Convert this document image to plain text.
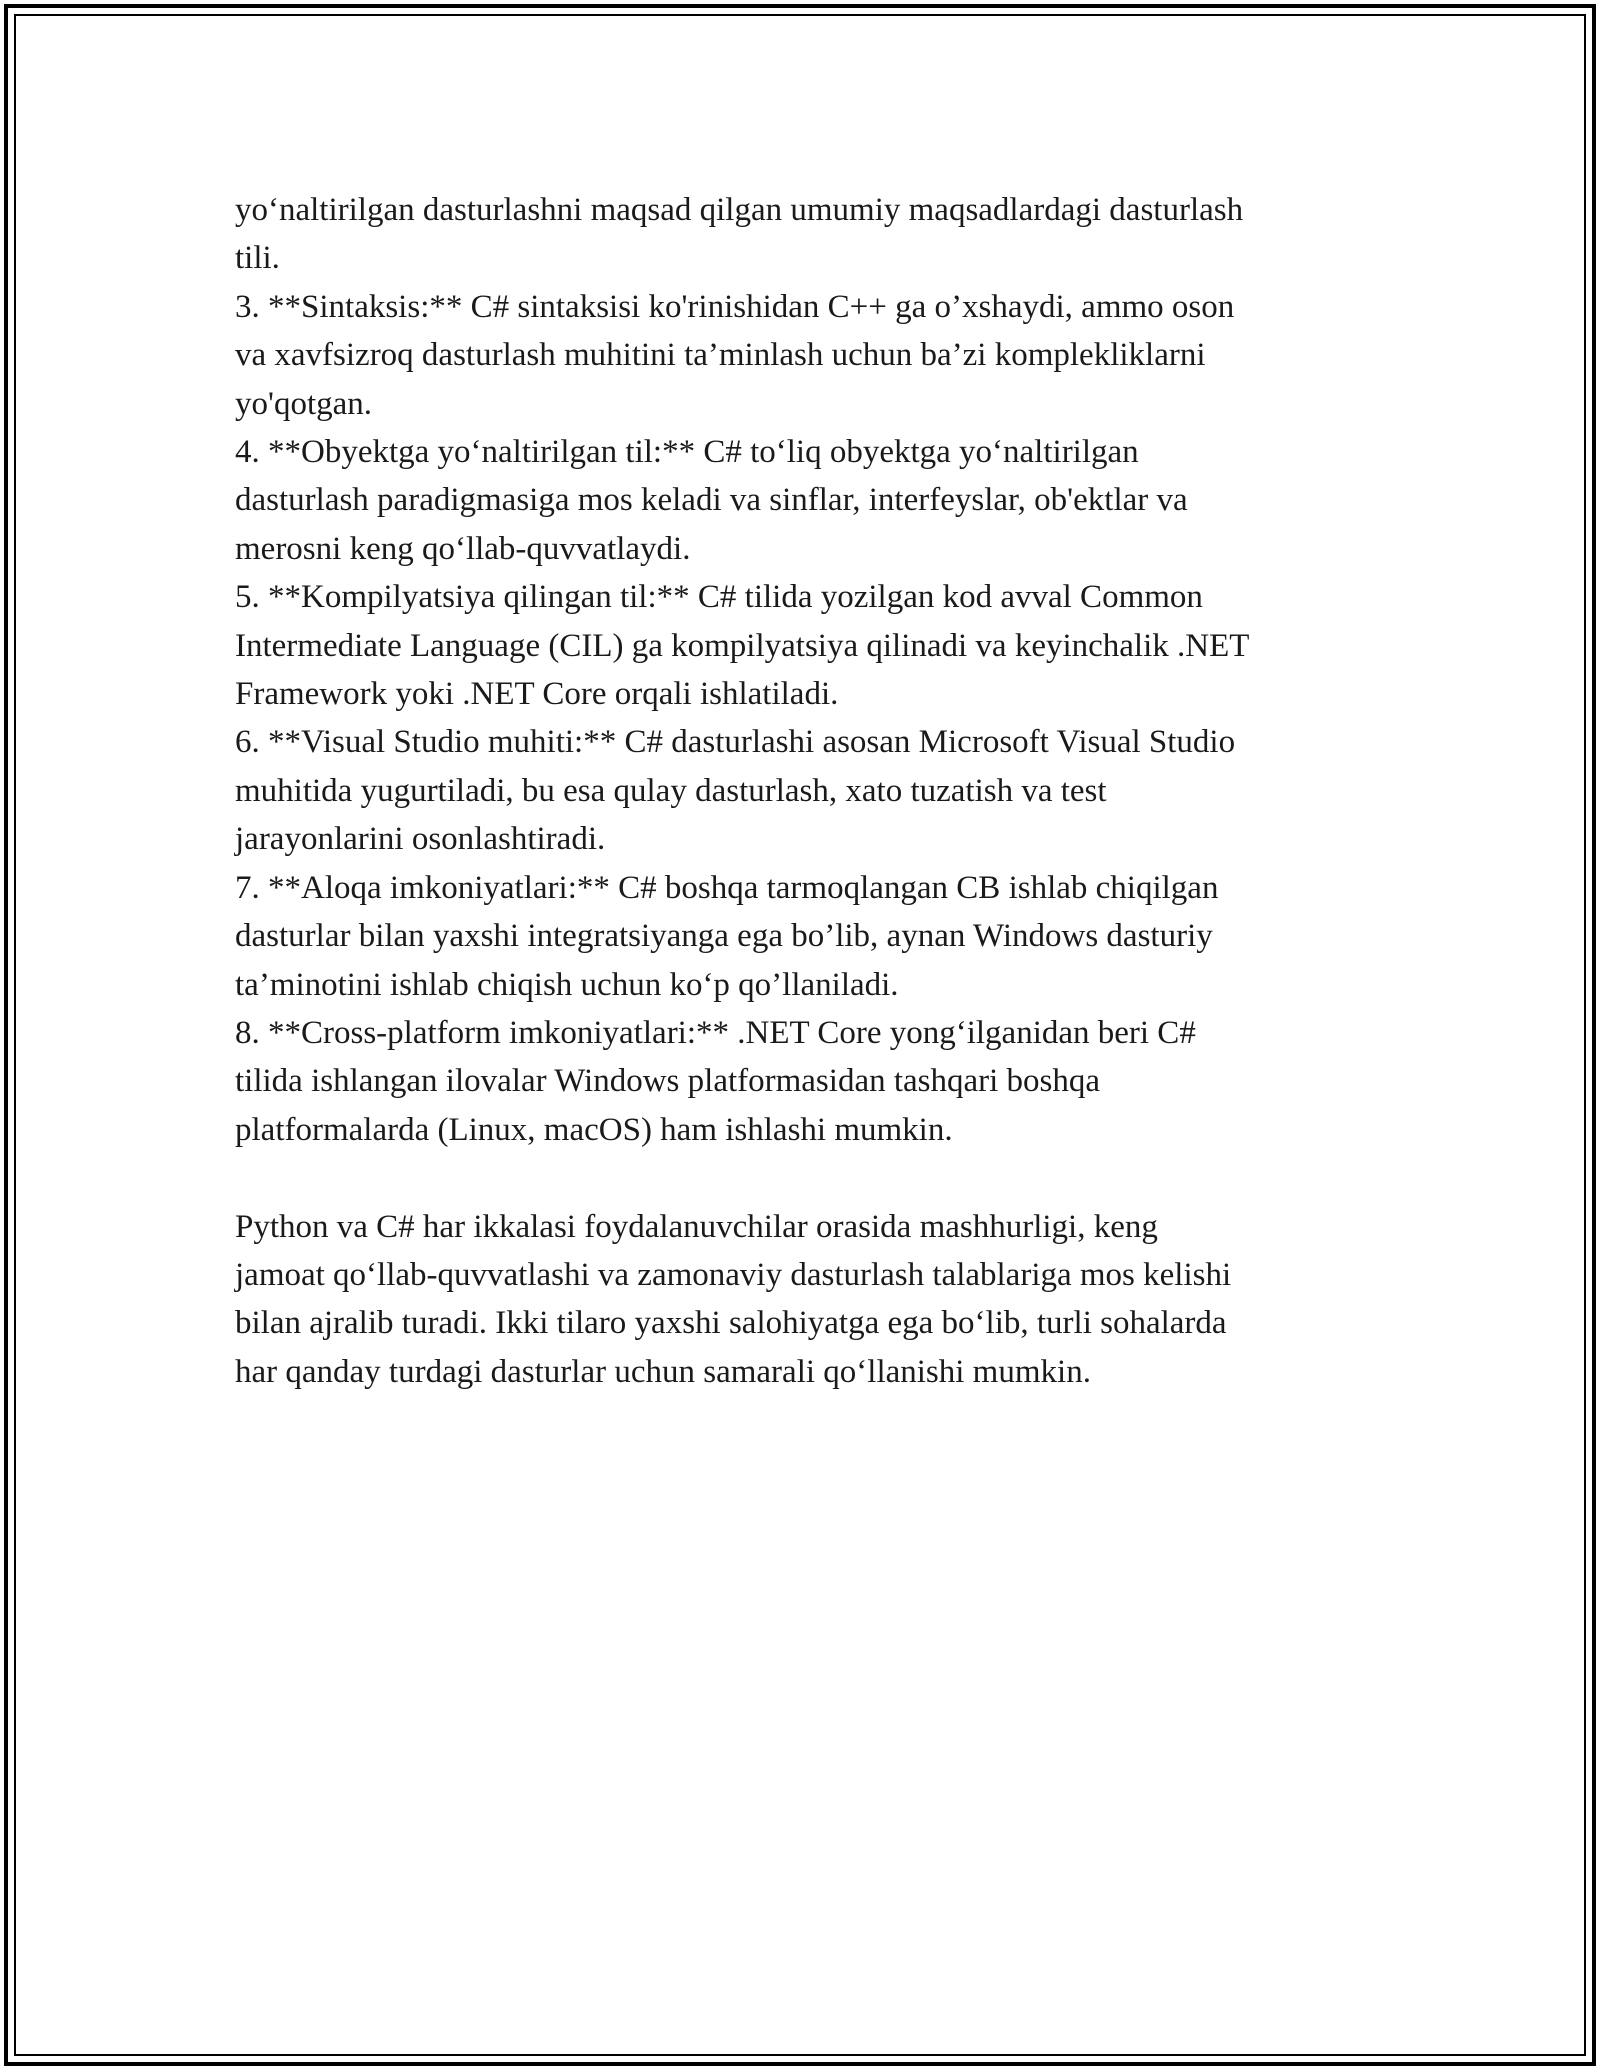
yo‘naltirilgan dasturlashni maqsad qilgan umumiy maqsadlardagi dasturlash
tili.

3. **Sintaksis:** C# sintaksisi ko'rinishidan C++ ga o’xshaydi, ammo oson
va xavfsizroq dasturlash muhitini ta’minlash uchun ba’zi komplekliklarni
yo'qotgan.

4. **Obyektga yo‘naltirilgan til:** C# to‘liq obyektga yo‘naltirilgan
dasturlash paradigmasiga mos keladi va sinflar, interfeyslar, ob'ektlar va
merosni keng qo‘llab-quvvatlaydi.

5. **Kompilyatsiya qilingan til:** C# tilida yozilgan kod avval Common
Intermediate Language (CIL) ga kompilyatsiya qilinadi va keyinchalik .NET
Framework yoki .NET Core orqali ishlatiladi.

6. **Visual Studio muhiti:** C# dasturlashi asosan Microsoft Visual Studio
muhitida yugurtiladi, bu esa qulay dasturlash, xato tuzatish va test
jarayonlarini osonlashtiradi.

7. **Aloqa imkoniyatlari:** C# boshqa tarmoqlangan CB ishlab chiqilgan
dasturlar bilan yaxshi integratsiyanga ega bo’lib, aynan Windows dasturiy
ta’minotini ishlab chiqish uchun ko‘p qo’llaniladi.

8. **Cross-platform imkoniyatlari:** .NET Core yong‘ilganidan beri C#
tilida ishlangan ilovalar Windows platformasidan tashqari boshqa
platformalarda (Linux, macOS) ham ishlashi mumkin.

Python va C# har ikkalasi foydalanuvchilar orasida mashhurligi, keng
jamoat qo‘llab-quvvatlashi va zamonaviy dasturlash talablariga mos kelishi
bilan ajralib turadi. Ikki tilaro yaxshi salohiyatga ega bo‘lib, turli sohalarda
har qanday turdagi dasturlar uchun samarali qo‘llanishi mumkin.
